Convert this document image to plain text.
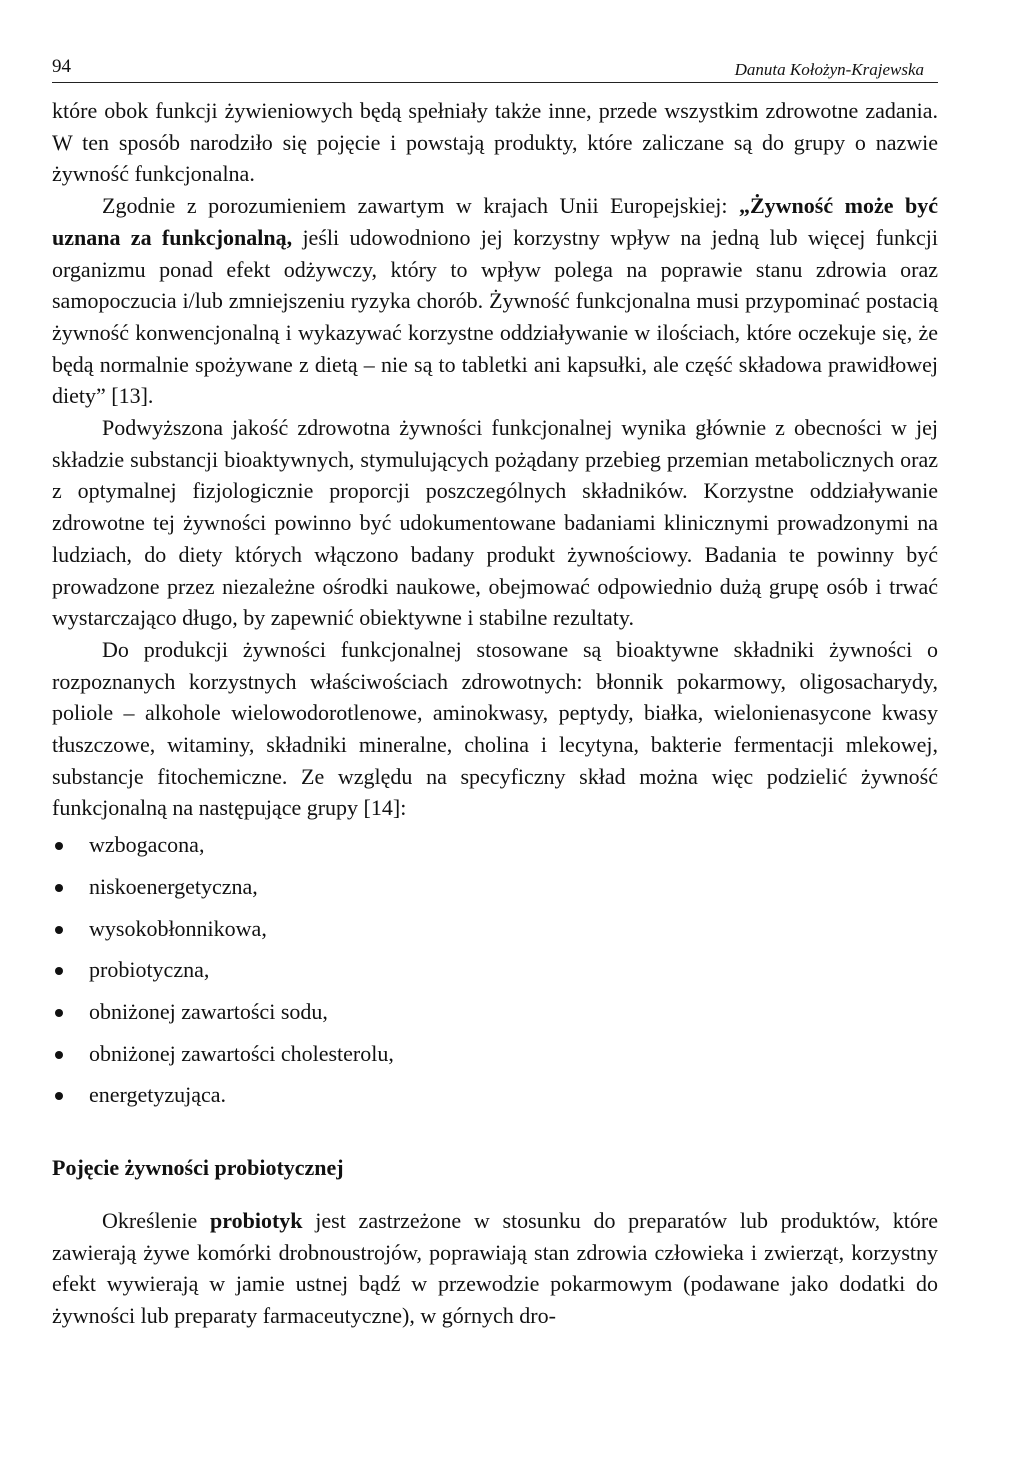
94	Danuta Kołożyn-Krajewska

które obok funkcji żywieniowych będą spełniały także inne, przede wszystkim zdrowotne zadania. W ten sposób narodziło się pojęcie i powstają produkty, które zaliczane są do grupy o nazwie żywność funkcjonalna.

Zgodnie z porozumieniem zawartym w krajach Unii Europejskiej: „Żywność może być uznana za funkcjonalną, jeśli udowodniono jej korzystny wpływ na jedną lub więcej funkcji organizmu ponad efekt odżywczy, który to wpływ polega na poprawie stanu zdrowia oraz samopoczucia i/lub zmniejszeniu ryzyka chorób. Żywność funkcjonalna musi przypominać postacią żywność konwencjonalną i wykazywać korzystne oddziaływanie w ilościach, które oczekuje się, że będą normalnie spożywane z dietą – nie są to tabletki ani kapsułki, ale część składowa prawidłowej diety” [13].

Podwyższona jakość zdrowotna żywności funkcjonalnej wynika głównie z obecności w jej składzie substancji bioaktywnych, stymulujących pożądany przebieg przemian metabolicznych oraz z optymalnej fizjologicznie proporcji poszczególnych składników. Korzystne oddziaływanie zdrowotne tej żywności powinno być udokumentowane badaniami klinicznymi prowadzonymi na ludziach, do diety których włączono badany produkt żywnościowy. Badania te powinny być prowadzone przez niezależne ośrodki naukowe, obejmować odpowiednio dużą grupę osób i trwać wystarczająco długo, by zapewnić obiektywne i stabilne rezultaty.

Do produkcji żywności funkcjonalnej stosowane są bioaktywne składniki żywności o rozpoznanych korzystnych właściwościach zdrowotnych: błonnik pokarmowy, oligosacharydy, poliole – alkohole wielowodorotlenowe, aminokwasy, peptydy, białka, wielonienasycone kwasy tłuszczowe, witaminy, składniki mineralne, cholina i lecytyna, bakterie fermentacji mlekowej, substancje fitochemiczne. Ze względu na specyficzny skład można więc podzielić żywność funkcjonalną na następujące grupy [14]:

wzbogacona,
niskoenergetyczna,
wysokobłonnikowa,
probiotyczna,
obniżonej zawartości sodu,
obniżonej zawartości cholesterolu,
energetyzująca.
Pojęcie żywności probiotycznej

Określenie probiotyk jest zastrzeżone w stosunku do preparatów lub produktów, które zawierają żywe komórki drobnoustrojów, poprawiają stan zdrowia człowieka i zwierząt, korzystny efekt wywierają w jamie ustnej bądź w przewodzie pokarmowym (podawane jako dodatki do żywności lub preparaty farmaceutyczne), w górnych dro-
